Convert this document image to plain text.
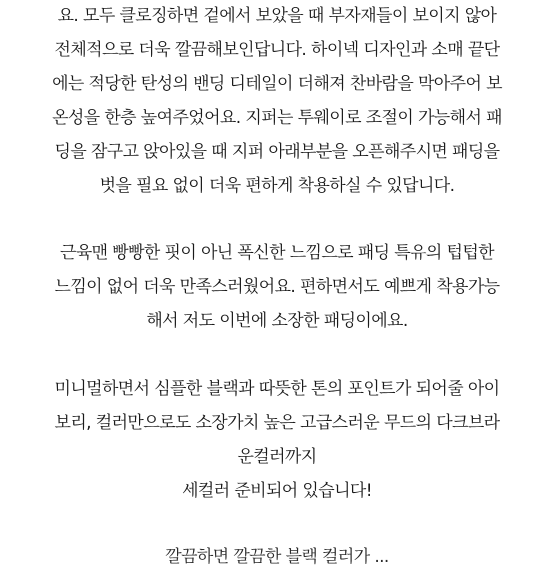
요. 모두 클로징하면 겉에서 보았을 때 부자재들이 보이지 않아
전체적으로 더욱 깔끔해보인답니다. 하이넥 디자인과 소매 끝단
에는 적당한 탄성의 밴딩 디테일이 더해져 찬바람을 막아주어 보
온성을 한층 높여주었어요. 지퍼는 투웨이로 조절이 가능해서 패
딩을 잠구고 앉아있을 때 지퍼 아래부분을 오픈해주시면 패딩을
벗을 필요 없이 더욱 편하게 착용하실 수 있답니다.
근육맨 빵빵한 핏이 아닌 폭신한 느낌으로 패딩 특유의 텁텁한
느낌이 없어 더욱 만족스러웠어요. 편하면서도 예쁘게 착용가능
해서 저도 이번에 소장한 패딩이에요.
미니멀하면서 심플한 블랙과 따뜻한 톤의 포인트가 되어줄 아이
보리, 컬러만으로도 소장가치 높은 고급스러운 무드의 다크브라
운컬러까지
세컬러 준비되어 있습니다!
깔끔하면 깔끔한 블랙 컬러가 ...
